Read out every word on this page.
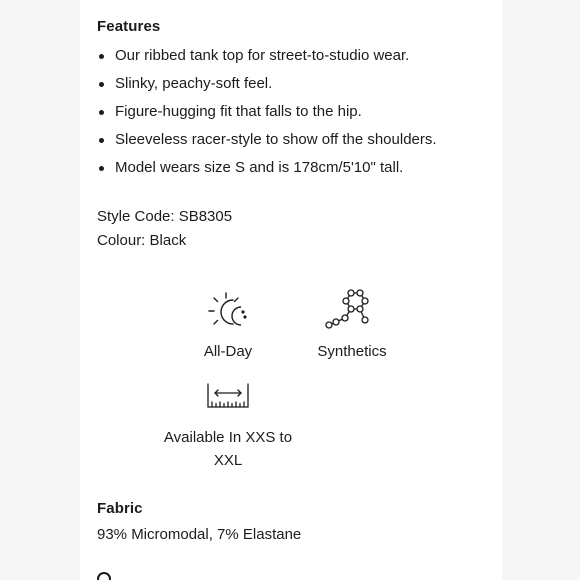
Features
Our ribbed tank top for street-to-studio wear.
Slinky, peachy-soft feel.
Figure-hugging fit that falls to the hip.
Sleeveless racer-style to show off the shoulders.
Model wears size S and is 178cm/5'10" tall.
Style Code: SB8305
Colour: Black
All-Day	Synthetics
Available In XXS to
XXL
Fabric
93% Micromodal, 7% Elastane
